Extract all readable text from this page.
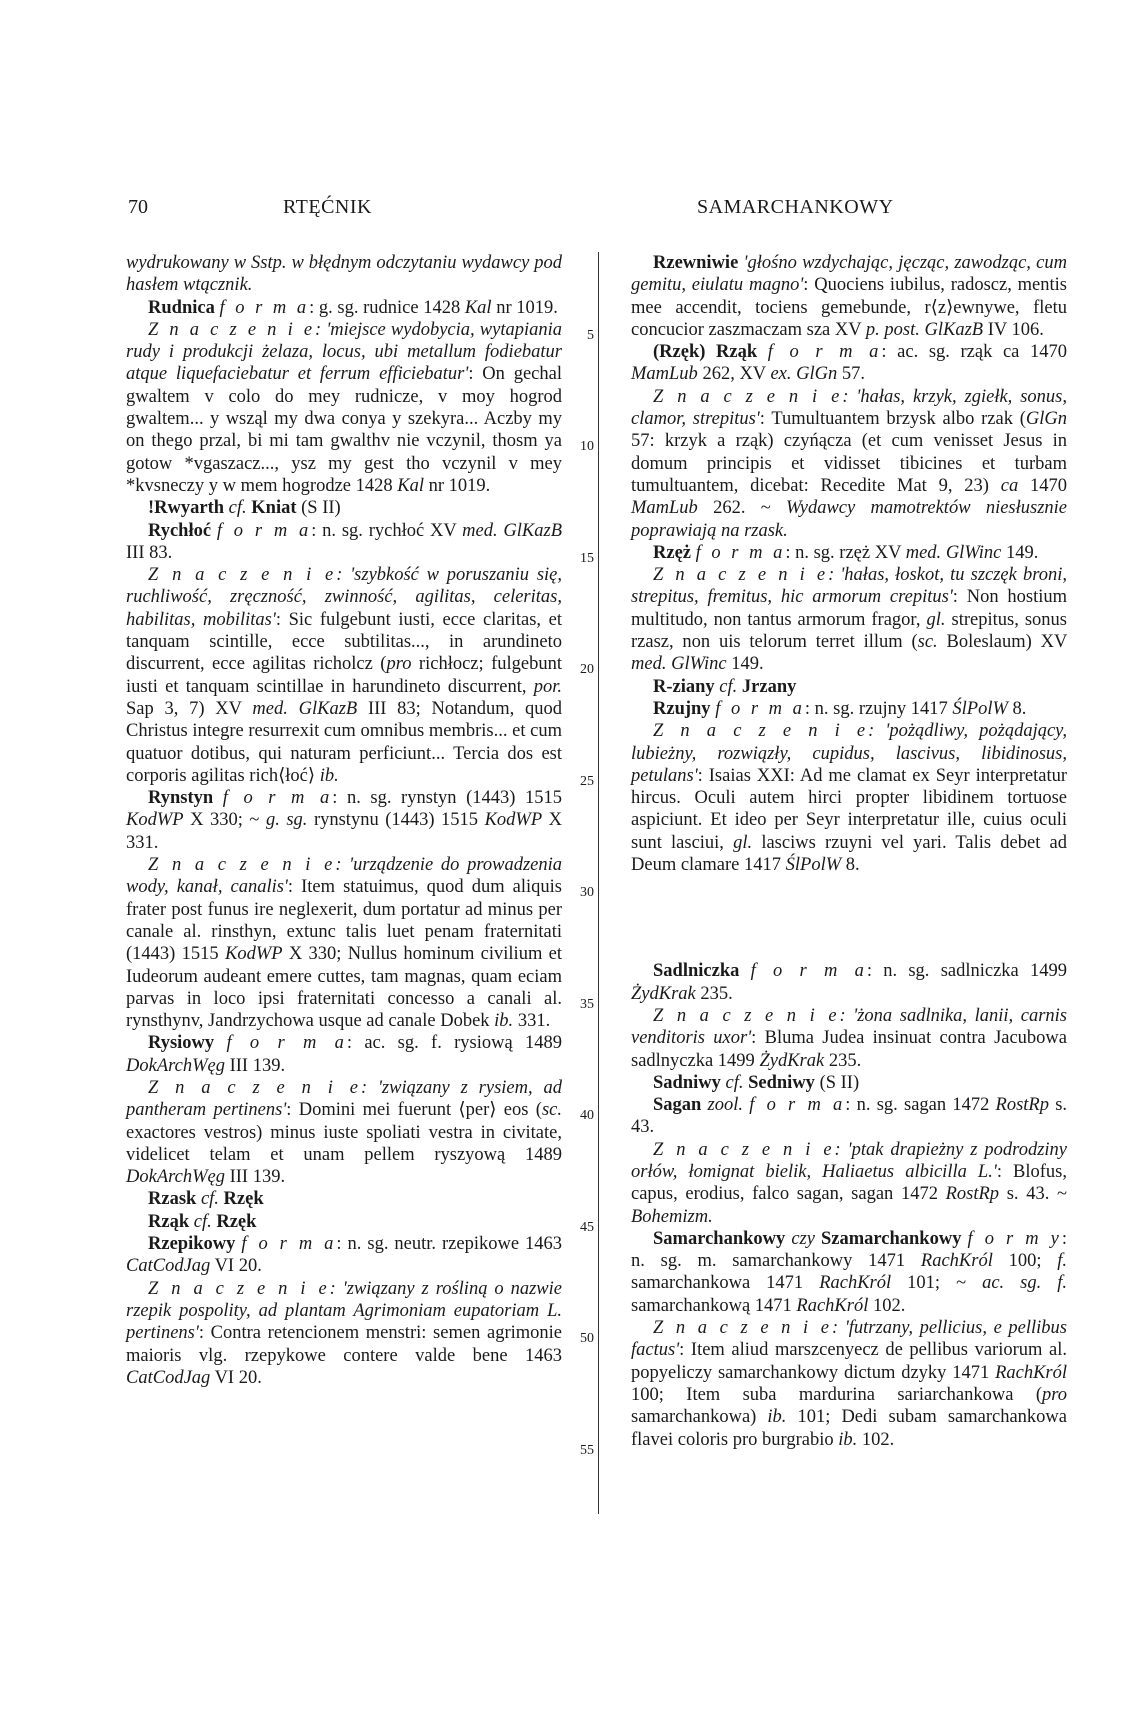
70	RTĘĆNIK	SAMARCHANKOWY
5
10
15
20
25
30
35
40
45
50
55

wydrukowany w Sstp. w błędnym odczytaniu wydawcy pod hasłem wtącznik.

Rudnica f o r m a: g. sg. rudnice 1428 Kal nr 1019.

Z n a c z e n i e: 'miejsce wydobycia, wytapiania rudy i produkcji żelaza, locus, ubi metallum fodiebatur atque liquefaciebatur et ferrum efficiebatur': On gechal gwaltem v colo do mey rudnicze, v moy hogrod gwaltem... y wsząl my dwa conya y szekyra... Aczby my on thego przal, bi mi tam gwalthv nie vczynil, thosm ya gotow *vgaszacz..., ysz my gest tho vczynil v mey *kvsneczy y w mem hogrodze 1428 Kal nr 1019.

!Rwyarth cf. Kniat (S II)

Rychłoć f o r m a: n. sg. rychłoć XV med. GlKazB III 83.

Z n a c z e n i e: 'szybkość w poruszaniu się, ruchliwość, zręczność, zwinność, agilitas, celeritas, habilitas, mobilitas': Sic fulgebunt iusti, ecce claritas, et tanquam scintille, ecce subtilitas..., in arundineto discurrent, ecce agilitas richolcz (pro richłocz; fulgebunt iusti et tanquam scintillae in harundineto discurrent, por. Sap 3, 7) XV med. GlKazB III 83; Notandum, quod Christus integre resurrexit cum omnibus membris... et cum quatuor dotibus, qui naturam perficiunt... Tercia dos est corporis agilitas rich⟨łoć⟩ ib.

Rynstyn f o r m a: n. sg. rynstyn (1443) 1515 KodWP X 330; ~ g. sg. rynstynu (1443) 1515 KodWP X 331.

Z n a c z e n i e: 'urządzenie do prowadzenia wody, kanał, canalis': Item statuimus, quod dum aliquis frater post funus ire neglexerit, dum portatur ad minus per canale al. rinsthyn, extunc talis luet penam fraternitati (1443) 1515 KodWP X 330; Nullus hominum civilium et Iudeorum audeant emere cuttes, tam magnas, quam eciam parvas in loco ipsi fraternitati concesso a canali al. rynsthynv, Jandrzychowa usque ad canale Dobek ib. 331.

Rysiowy f o r m a: ac. sg. f. rysiową 1489 DokArchWęg III 139.

Z n a c z e n i e: 'związany z rysiem, ad pantheram pertinens': Domini mei fuerunt ⟨per⟩ eos (sc. exactores vestros) minus iuste spoliati vestra in civitate, videlicet telam et unam pellem ryszyową 1489 DokArchWęg III 139.

Rzask cf. Rzęk

Rząk cf. Rzęk

Rzepikowy f o r m a: n. sg. neutr. rzepikowe 1463 CatCodJag VI 20.

Z n a c z e n i e: 'związany z rośliną o nazwie rzepik pospolity, ad plantam Agrimoniam eupatoriam L. pertinens': Contra retencionem menstri: semen agrimonie maioris vlg. rzepykowe contere valde bene 1463 CatCodJag VI 20.

Rzewniwie 'głośno wzdychając, jęcząc, zawodząc, cum gemitu, eiulatu magno': Quociens iubilus, radoscz, mentis mee accendit, tociens gemebunde, r⟨z⟩ewnywe, fletu concucior zaszmaczam sza XV p. post. GlKazB IV 106.

(Rzęk) Rząk f o r m a: ac. sg. rząk ca 1470 MamLub 262, XV ex. GlGn 57.

Z n a c z e n i e: 'hałas, krzyk, zgiełk, sonus, clamor, strepitus': Tumultuantem brzysk albo rzak (GlGn 57: krzyk a rząk) czyńącza (et cum venisset Jesus in domum principis et vidisset tibicines et turbam tumultuantem, dicebat: Recedite Mat 9, 23) ca 1470 MamLub 262. ~ Wydawcy mamotrektów niesłusznie poprawiają na rzask.

Rzęż f o r m a: n. sg. rzęż XV med. GlWinc 149.

Z n a c z e n i e: 'hałas, łoskot, tu szczęk broni, strepitus, fremitus, hic armorum crepitus': Non hostium multitudo, non tantus armorum fragor, gl. strepitus, sonus rzasz, non uis telorum terret illum (sc. Boleslaum) XV med. GlWinc 149.

R-ziany cf. Jrzany

Rzujny f o r m a: n. sg. rzujny 1417 ŚlPolW 8.

Z n a c z e n i e: 'pożądliwy, pożądający, lubieżny, rozwiązły, cupidus, lascivus, libidinosus, petulans': Isaias XXI: Ad me clamat ex Seyr interpretatur hircus. Oculi autem hirci propter libidinem tortuose aspiciunt. Et ideo per Seyr interpretatur ille, cuius oculi sunt lasciui, gl. lasciws rzuyni vel yari. Talis debet ad Deum clamare 1417 ŚlPolW 8.

Sadlniczka f o r m a: n. sg. sadlniczka 1499 ŻydKrak 235.

Z n a c z e n i e: 'żona sadlnika, lanii, carnis venditoris uxor': Bluma Judea insinuat contra Jacubowa sadlnyczka 1499 ŻydKrak 235.

Sadniwy cf. Sedniwy (S II)

Sagan zool. f o r m a: n. sg. sagan 1472 RostRp s. 43.

Z n a c z e n i e: 'ptak drapieżny z podrodziny orłów, łomignat bielik, Haliaetus albicilla L.': Blofus, capus, erodius, falco sagan, sagan 1472 RostRp s. 43. ~ Bohemizm.

Samarchankowy czy Szamarchankowy f o r m y: n. sg. m. samarchankowy 1471 RachKról 100; f. samarchankowa 1471 RachKról 101; ~ ac. sg. f. samarchankową 1471 RachKról 102.

Z n a c z e n i e: 'futrzany, pellicius, e pellibus factus': Item aliud marszcenyecz de pellibus variorum al. popyeliczy samarchankowy dictum dzyky 1471 RachKról 100; Item suba mardurina sariarchankowa (pro samarchankowa) ib. 101; Dedi subam samarchankowa flavei coloris pro burgrabio ib. 102.
